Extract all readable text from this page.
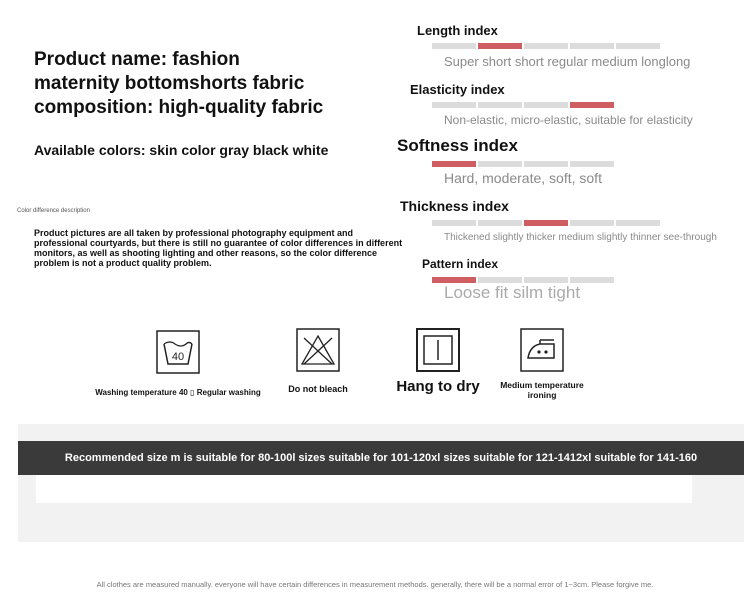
Product name: fashion
maternity bottomshorts fabric
composition: high-quality fabric
Available colors: skin color gray black white
Color difference description
Product pictures are all taken by professional photography equipment and professional courtyards, but there is still no guarantee of color differences in different monitors, as well as shooting lighting and other reasons, so the color difference problem is not a product quality problem.
Length index
Super short short regular medium longlong
Elasticity index
Non-elastic, micro-elastic, suitable for elasticity
Softness index
Hard, moderate, soft, soft
Thickness index
Thickened slightly thicker medium slightly thinner see-through
Pattern index
Loose fit silm tight
40
Washing temperature 40 ▯ Regular washing	Do not bleach	Hang to dry	Medium temperature ironing
Recommended size m is suitable for 80-100l sizes suitable for 101-120xl sizes suitable for 121-1412xl suitable for 141-160
All clothes are measured manually. everyone will have certain differences in measurement methods. generally, there will be a normal error of 1~3cm. Please forgive me.
